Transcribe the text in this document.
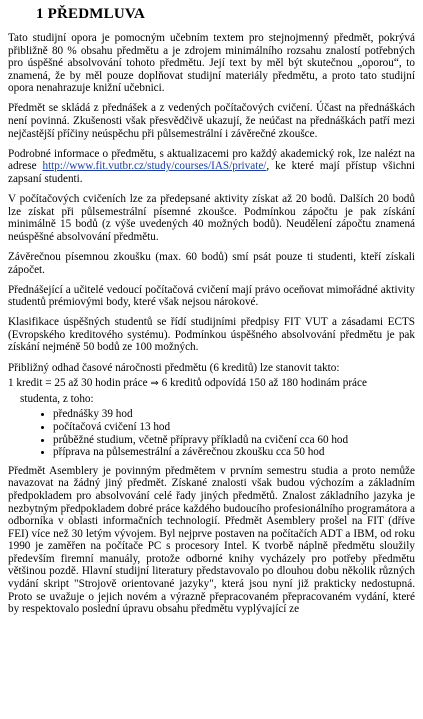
1 PŘEDMLUVA

Tato studijní opora je pomocným učebním textem pro stejnojmenný předmět, pokrývá přibližně 80 % obsahu předmětu a je zdrojem minimálního rozsahu znalostí potřebných pro úspěšné absolvování tohoto předmětu. Její text by měl být skutečnou „oporou“, to znamená, že by měl pouze doplňovat studijní materiály předmětu, a proto tato studijní opora nenahrazuje knižní učebnici.

Předmět se skládá z přednášek a z vedených počítačových cvičení. Účast na přednáškách není povinná. Zkušenosti však přesvědčivě ukazují, že neúčast na přednáškách patří mezi nejčastější příčiny neúspěchu při půlsemestrální i závěrečné zkoušce.

Podrobné informace o předmětu, s aktualizacemi pro každý akademický rok, lze nalézt na adrese http://www.fit.vutbr.cz/study/courses/IAS/private/, ke které mají přístup všichni zapsaní studenti.

V počítačových cvičeních lze za předepsané aktivity získat až 20 bodů. Dalších 20 bodů lze získat při půlsemestrální písemné zkoušce. Podmínkou zápočtu je pak získání minimálně 15 bodů (z výše uvedených 40 možných bodů). Neudělení zápočtu znamená neúspěšné absolvování předmětu.

Závěrečnou písemnou zkoušku (max. 60 bodů) smí psát pouze ti studenti, kteří získali zápočet.

Přednášející a učitelé vedoucí počítačová cvičení mají právo oceňovat mimořádné aktivity studentů prémiovými body, které však nejsou nárokové.

Klasifikace úspěšných studentů se řídí studijními předpisy FIT VUT a zásadami ECTS (Evropského kreditového systému). Podmínkou úspěšného absolvování předmětu je pak získání nejméně 50 bodů ze 100 možných.

Přibližný odhad časové náročnosti předmětu (6 kreditů) lze stanovit takto:

1 kredit = 25 až 30 hodin práce ⇒ 6 kreditů odpovídá 150 až 180 hodinám práce

studenta, z toho:

• přednášky 39 hod
• počítačová cvičení 13 hod
• průběžné studium, včetně přípravy příkladů na cvičení cca 60 hod
• příprava na půlsemestrální a závěrečnou zkoušku cca 50 hod

Předmět Asemblery je povinným předmětem v prvním semestru studia a proto nemůže navazovat na žádný jiný předmět. Získané znalosti však budou výchozím a základním předpokladem pro absolvování celé řady jiných předmětů. Znalost základního jazyka je nezbytným předpokladem dobré práce každého budoucího profesionálního programátora a odborníka v oblasti informačních technologií. Předmět Asemblery prošel na FIT (dříve FEI) více než 30 letým vývojem. Byl nejprve postaven na počítačích ADT a IBM, od roku 1990 je zaměřen na počítače PC s procesory Intel. K tvorbě náplně předmětu sloužily především firemní manuály, protože odborné knihy vycházely pro potřeby předmětu většinou pozdě. Hlavní studijní literatury představovalo po dlouhou dobu několik různých vydání skript "Strojově orientované jazyky", která jsou nyní již prakticky nedostupná. Proto se uvažuje o jejich novém a výrazně přepracovaném přepracovaném vydání, které by respektovalo poslední úpravu obsahu předmětu vyplývající ze
